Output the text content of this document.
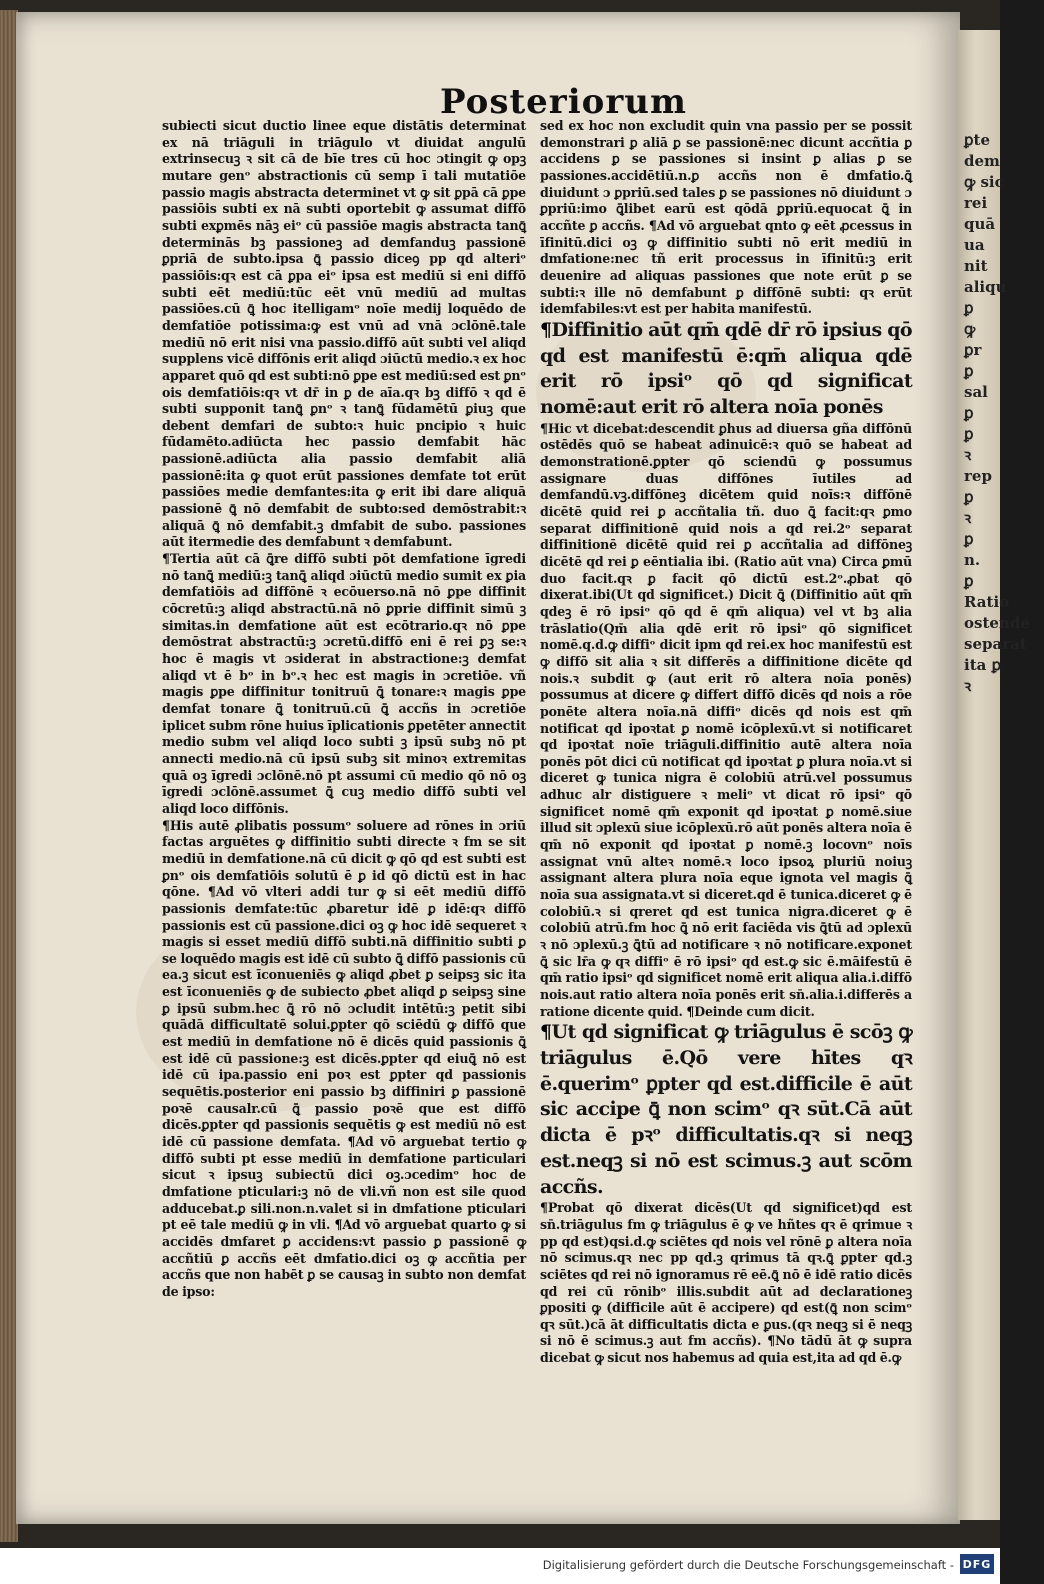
ꝑte
dem
ꝙ sic
rei
quā
ua
nit
aliqu
ꝑ
ꝙ
ꝑr
ꝑ
sal
ꝑ
ꝑ
ꝛ
rep
ꝑ
ꝛ
ꝑ
n.
ꝑ
Ratio
ostende
separat
ita ꝑ
ꝛ
Posteriorum

subiecti sicut ductio linee eque distātis determinat ex nā triāguli in triāgulo vt diuidat angulū extrinsecuꝫ ꝛ sit cā de bīe tres cū hoc ɔtingit ꝙ opꝫ mutare genᵒ abstractionis cū semp ī tali mutatiōe passio magis abstracta determinet vt ꝙ sit ꝑpā cā ꝑpe passiōis subti ex nā subti oportebit ꝙ assumat diffō subti exꝑmēs nāꝫ eiᵒ cū passiōe magis abstracta tanꝗ̄ determinās bꝫ passioneꝫ ad demfanduꝫ passionē ꝑpriā de subto.ipsa ꝗ̄ passio diceꝯ pp qd alteriᵒ passiōis:qꝛ est cā ꝑpa eiᵒ ipsa est mediū si eni diffō subti eēt mediū:tūc eēt vnū mediū ad multas passiōes.cū ꝗ̄ hoc itelligamᵒ noīe medij loquēdo de demfatiōe potissima:ꝙ est vnū ad vnā ɔclōnē.tale mediū nō erit nisi vna passio.diffō aūt subti vel aliqd supplens vicē diffōnis erit aliqd ɔiūctū medio.ꝛ ex hoc apparet quō qd est subti:nō ꝑpe est mediū:sed est ꝑnᵒ ois demfatiōis:qꝛ vt dr̄ in ꝑ de aīa.qꝛ bꝫ diffō ꝛ qd ē subti supponit tanꝗ̄ ꝑnᵒ ꝛ tanꝗ̄ fūdamētū ꝑiuꝫ que debent demfari de subto:ꝛ huic pncipio ꝛ huic fūdamēto.adiūcta hec passio demfabit hāc passionē.adiūcta alia passio demfabit aliā passionē:ita ꝙ quot erūt passiones demfate tot erūt passiōes medie demfantes:ita ꝙ erit ibi dare aliquā passionē ꝗ̄ nō demfabit de subto:sed demōstrabit:ꝛ aliquā ꝗ̄ nō demfabit.ꝫ dmfabit de subo. passiones aūt itermedie des demfabunt ꝛ demfabunt.

¶Tertia aūt cā ꝗ̄re diffō subti pōt demfatione īgredi nō tanꝗ̄ mediū:ꝫ tanꝗ̄ aliqd ɔiūctū medio sumit ex ꝑia demfatiōis ad diffōnē ꝛ ecōuerso.nā nō ꝑpe diffinit cōcretū:ꝫ aliqd abstractū.nā nō ꝑprie diffinit simū ꝫ simitas.in demfatione aūt est ecōtrario.qꝛ nō ꝑpe demōstrat abstractū:ꝫ ɔcretū.diffō eni ē rei ꝑꝫ se:ꝛ hoc ē magis vt ɔsiderat in abstractione:ꝫ demfat aliqd vt ē bᵒ in bᵒ.ꝛ hec est magis in ɔcretiōe. vñ magis ꝑpe diffinitur tonitruū ꝗ̄ tonare:ꝛ magis ꝑpe demfat tonare ꝗ̄ tonitruū.cū ꝗ̄ accñs in ɔcretiōe iplicet subm rōne huius īplicationis ꝑpetēter annectit medio subm vel aliqd loco subti ꝫ ipsū subꝫ nō pt annecti medio.nā cū ipsū subꝫ sit minoꝛ extremitas quā oꝫ īgredi ɔclōnē.nō pt assumi cū medio qō nō oꝫ īgredi ɔclōnē.assumet ꝗ̄ cuꝫ medio diffō subti vel aliqd loco diffōnis.

¶His autē ꝓlibatis possumᵒ soluere ad rōnes in ɔriū factas arguētes ꝙ diffinitio subti directe ꝛ fm se sit mediū in demfatione.nā cū dicit ꝙ qō qd est subti est ꝑnᵒ ois demfatiōis solutū ē ꝑ id qō dictū est in hac qōne. ¶Ad vō vlteri addi tur ꝙ si eēt mediū diffō passionis demfate:tūc ꝓbaretur idē ꝑ idē:qꝛ diffō passionis est cū passione.dici oꝫ ꝙ hoc idē sequeret ꝛ magis si esset mediū diffō subti.nā diffinitio subti ꝑ se loquēdo magis est idē cū subto ꝗ̄ diffō passionis cū ea.ꝫ sicut est īconueniēs ꝙ aliqd ꝓbet ꝑ seipsꝫ sic ita est īconueniēs ꝙ de subiecto ꝓbet aliqd ꝑ seipsꝫ sine ꝑ ipsū subm.hec ꝗ̄ rō nō ɔcludit intētū:ꝫ petit sibi quādā difficultatē solui.ꝑpter qō sciēdū ꝙ diffō que est mediū in demfatione nō ē dicēs quid passionis ꝗ̄ est idē cū passione:ꝫ est dicēs.ꝑpter qd eiuꝗ̄ nō est idē cū ipa.passio eni poꝛ est ꝑpter qd passionis sequētis.posterior eni passio bꝫ diffiniri ꝑ passionē poꝛē causalr.cū ꝗ̄ passio poꝛē que est diffō dicēs.ꝑpter qd passionis sequētis ꝙ est mediū nō est idē cū passione demfata. ¶Ad vō arguebat tertio ꝙ diffō subti pt esse mediū in demfatione particulari sicut ꝛ ipsuꝫ subiectū dici oꝫ.ɔcedimᵒ hoc de dmfatione pticulari:ꝫ nō de vli.vñ non est sile quod adducebat.ꝑ sili.non.n.valet si in dmfatione pticulari pt eē tale mediū ꝙ in vli. ¶Ad vō arguebat quarto ꝙ si accidēs dmfaret ꝑ accidens:vt passio ꝑ passionē ꝙ accñtiū ꝑ accñs eēt dmfatio.dici oꝫ ꝙ accñtia per accñs que non habēt ꝑ se causaꝫ in subto non demfat de ipso:

sed ex hoc non excludit quin vna passio per se possit demonstrari ꝑ aliā ꝑ se passionē:nec dicunt accñtia ꝑ accidens ꝑ se passiones si insint ꝑ alias ꝑ se passiones.accidētiū.n.ꝑ accñs non ē dmfatio.ꝗ̄ diuidunt ɔ ꝑpriū.sed tales ꝑ se passiones nō diuidunt ɔ ꝑpriū:imo ꝗ̄libet earū est qōdā ꝑpriū.equocat ꝗ̄ in accñte ꝑ accñs. ¶Ad vō arguebat qnto ꝙ eēt ꝓcessus in īfinitū.dici oꝫ ꝙ diffinitio subti nō erit mediū in dmfatione:nec tñ erit processus in īfinitū:ꝫ erit deuenire ad aliquas passiones que note erūt ꝑ se subti:ꝛ ille nō demfabunt ꝑ diffōnē subti: qꝛ erūt idemfabiles:vt est per habita manifestū.

¶Diffinitio aūt qm̄ qdē dr̄ rō ipsius qō qd est manifestū ē:qm̄ aliqua qdē erit rō ipsiᵒ qō qd significat nomē:aut erit rō altera noīa ponēs

¶Hic vt dicebat:descendit ꝑhus ad diuersa gña diffōnū ostēdēs quō se habeat adinuicē:ꝛ quō se habeat ad demonstrationē.ꝑpter qō sciendū ꝙ possumus assignare duas diffōnes īutiles ad demfandū.vꝫ.diffōneꝫ dicētem quid noīs:ꝛ diffōnē dicētē quid rei ꝑ accñtalia tñ. duo ꝗ̄ facit:qꝛ ꝑmo separat diffinitionē quid nois a qd rei.2ᵒ separat diffinitionē dicētē quid rei ꝑ accñtalia ad diffōneꝫ dicētē qd rei ꝑ eēntialia ibi. (Ratio aūt vna) Circa ꝑmū duo facit.qꝛ ꝑ facit qō dictū est.2ᵒ.ꝓbat qō dixerat.ibi(Ut qd significet.) Dicit ꝗ̄ (Diffinitio aūt qm̄ qdeꝫ ē rō ipsiᵒ qō qd ē qm̄ aliqua) vel vt bꝫ alia trāslatio(Qm̄ alia qdē erit rō ipsiᵒ qō significet nomē.q.d.ꝙ diffiᵒ dicit ipm qd rei.ex hoc manifestū est ꝙ diffō sit alia ꝛ sit differēs a diffinitione dicēte qd nois.ꝛ subdit ꝙ (aut erit rō altera noīa ponēs) possumus at dicere ꝙ differt diffō dicēs qd nois a rōe ponēte altera noīa.nā diffiᵒ dicēs qd nois est qm̄ notificat qd ipoꝛtat ꝑ nomē icōplexū.vt si notificaret qd ipoꝛtat noīe triāguli.diffinitio autē altera noīa ponēs pōt dici cū notificat qd ipoꝛtat ꝑ plura noīa.vt si diceret ꝙ tunica nigra ē colobiū atrū.vel possumus adhuc alr distiguere ꝛ meliᵒ vt dicat rō ipsiᵒ qō significet nomē qm̄ exponit qd ipoꝛtat ꝑ nomē.siue illud sit ɔplexū siue icōplexū.rō aūt ponēs altera noīa ē qm̄ nō exponit qd ipoꝛtat ꝑ nomē.ꝫ locovnᵒ noīs assignat vnū alteꝛ nomē.ꝛ loco ipsoꝝ pluriū noiuꝫ assignant altera plura noīa eque ignota vel magis ꝗ̄ noīa sua assignata.vt si diceret.qd ē tunica.diceret ꝙ ē colobiū.ꝛ si qreret qd est tunica nigra.diceret ꝙ ē colobiū atrū.fm hoc ꝗ̄ nō erit faciēda vis ꝗ̄tū ad ɔplexū ꝛ nō ɔplexū.ꝫ ꝗ̄tū ad notificare ꝛ nō notificare.exponet ꝗ̄ sic lr̄a ꝙ qꝛ diffiᵒ ē rō ipsiᵒ qd est.ꝙ sic ē.māifestū ē qm̄ ratio ipsiᵒ qd significet nomē erit aliqua alia.i.diffō nois.aut ratio altera noīa ponēs erit sn̄.alia.i.differēs a ratione dicente quid. ¶Deinde cum dicit.

¶Ut qd significat ꝙ triāgulus ē scōꝫ ꝙ triāgulus ē.Qō vere hītes qꝛ ē.querimᵒ ꝑpter qd est.difficile ē aūt sic accipe ꝗ̄ non scimᵒ qꝛ sūt.Cā aūt dicta ē pꝛᵒ difficultatis.qꝛ si neqꝫ est.neqꝫ si nō est scimus.ꝫ aut scōm accñs.

¶Probat qō dixerat dicēs(Ut qd significet)qd est sn̄.triāgulus fm ꝙ triāgulus ē ꝙ ve hñtes qꝛ ē qrimue ꝛ pp qd est)qsi.d.ꝙ sciētes qd nois vel rōnē ꝑ altera noīa nō scimus.qꝛ nec pp qd.ꝫ qrimus tā qꝛ.ꝗ̄ ꝑpter qd.ꝫ sciētes qd rei nō ignoramus rē eē.ꝗ̄ nō ē idē ratio dicēs qd rei cū rōnibᵒ illis.subdit aūt ad declarationeꝫ ꝑpositi ꝙ (difficile aūt ē accipere) qd est(ꝗ̄ non scimᵒ qꝛ sūt.)cā āt difficultatis dicta e ꝑus.(qꝛ neqꝫ si ē neqꝫ si nō ē scimus.ꝫ aut fm accñs). ¶No tādū āt ꝙ supra dicebat ꝙ sicut nos habemus ad quia est,ita ad qd ē.ꝙ

Digitalisierung gefördert durch die Deutsche Forschungsgemeinschaft - DFG
